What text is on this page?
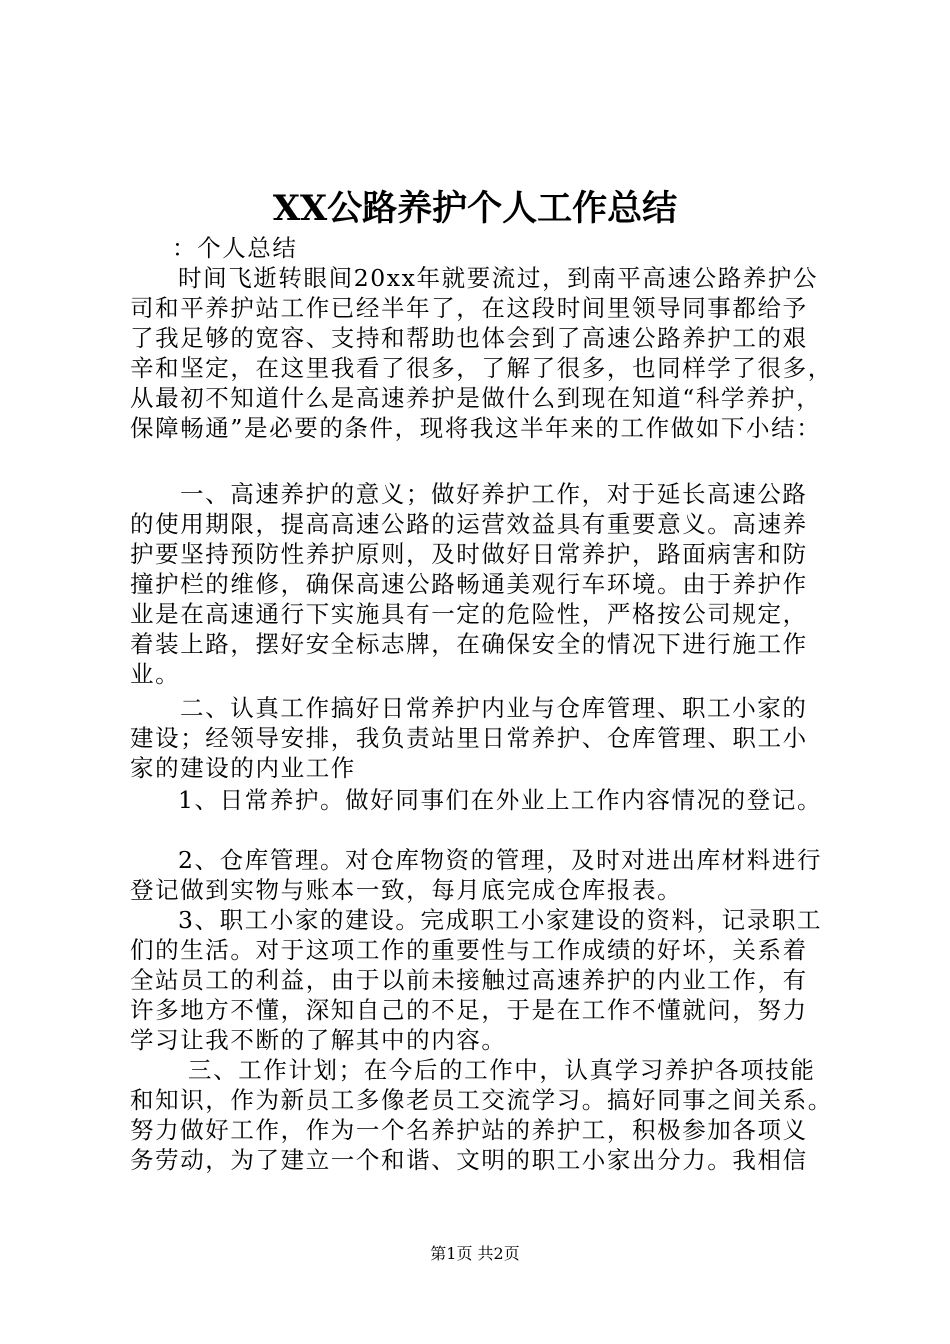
XX公路养护个人工作总结
：个人总结
时间飞逝转眼间20xx年就要流过，到南平高速公路养护公
司和平养护站工作已经半年了，在这段时间里领导同事都给予
了我足够的宽容、支持和帮助也体会到了高速公路养护工的艰
辛和坚定，在这里我看了很多，了解了很多，也同样学了很多，
从最初不知道什么是高速养护是做什么到现在知道“科学养护，
保障畅通”是必要的条件，现将我这半年来的工作做如下小结：
一、高速养护的意义；做好养护工作，对于延长高速公路
的使用期限，提高高速公路的运营效益具有重要意义。高速养
护要坚持预防性养护原则，及时做好日常养护，路面病害和防
撞护栏的维修，确保高速公路畅通美观行车环境。由于养护作
业是在高速通行下实施具有一定的危险性，严格按公司规定，
着装上路，摆好安全标志牌，在确保安全的情况下进行施工作
业。
二、认真工作搞好日常养护内业与仓库管理、职工小家的
建设；经领导安排，我负责站里日常养护、仓库管理、职工小
家的建设的内业工作
1、日常养护。做好同事们在外业上工作内容情况的登记。
2、仓库管理。对仓库物资的管理，及时对进出库材料进行
登记做到实物与账本一致，每月底完成仓库报表。
3、职工小家的建设。完成职工小家建设的资料，记录职工
们的生活。对于这项工作的重要性与工作成绩的好坏，关系着
全站员工的利益，由于以前未接触过高速养护的内业工作，有
许多地方不懂，深知自己的不足，于是在工作不懂就问，努力
学习让我不断的了解其中的内容。
三、工作计划；在今后的工作中，认真学习养护各项技能
和知识，作为新员工多像老员工交流学习。搞好同事之间关系。
努力做好工作，作为一个名养护站的养护工，积极参加各项义
务劳动，为了建立一个和谐、文明的职工小家出分力。我相信
第1页 共2页
